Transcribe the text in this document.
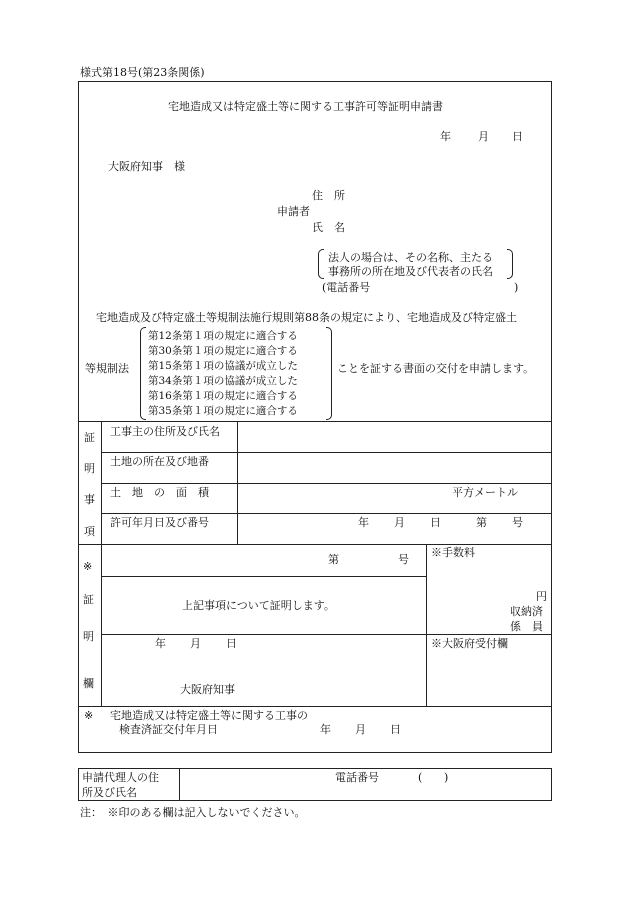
様式第18号(第23条関係)
宅地造成又は特定盛土等に関する工事許可等証明申請書
年 月 日
大阪府知事　様
住　所
申請者
氏　名
法人の場合は、その名称、主たる
事務所の所在地及び代表者の氏名
(電話番号	)
宅地造成及び特定盛土等規制法施行規則第88条の規定により、宅地造成及び特定盛土
等規制法
第12条第１項の規定に適合する
第30条第１項の規定に適合する
第15条第１項の協議が成立した
第34条第１項の協議が成立した
第16条第１項の規定に適合する
第35条第１項の規定に適合する
ことを証する書面の交付を申請します。
証
明
事
項
工事主の住所及び氏名
土地の所在及び地番
土　地　の　面　積	平方メートル
許可年月日及び番号	年 月 日	第 号
※
証
明
欄
第	号
上記事項について証明します。
年 月 日
大阪府知事
※手数料
円
収納済
係　員
※大阪府受付欄
※ 宅地造成又は特定盛土等に関する工事の
検査済証交付年月日	年 月 日
申請代理人の住
所及び氏名
電話番号	( )
注：　※印のある欄は記入しないでください。
